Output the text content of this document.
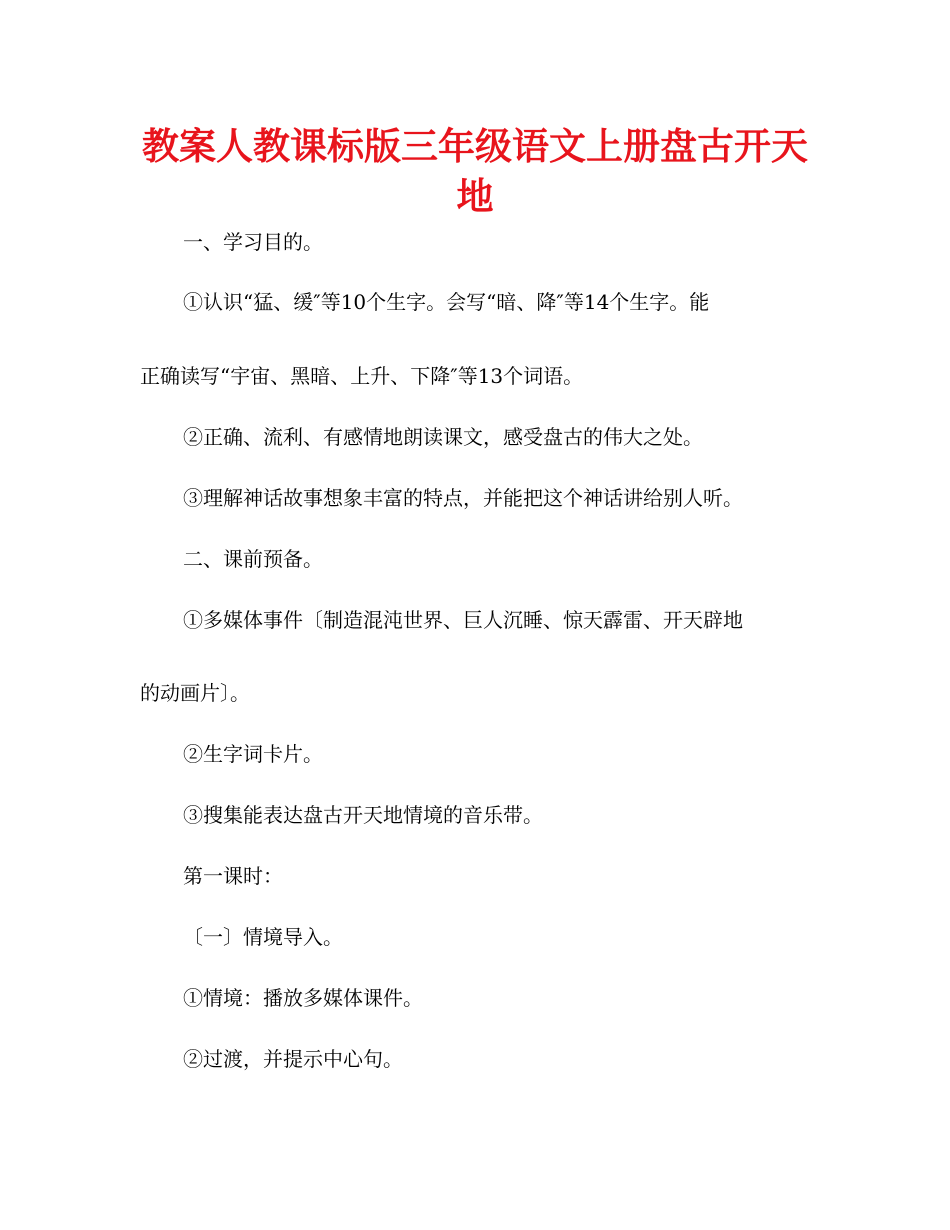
教案人教课标版三年级语文上册盘古开天地
一、学习目的。
①认识“猛、缓″等10个生字。会写“暗、降″等14个生字。能
正确读写“宇宙、黑暗、上升、下降″等13个词语。
②正确、流利、有感情地朗读课文，感受盘古的伟大之处。
③理解神话故事想象丰富的特点，并能把这个神话讲给别人听。
二、课前预备。
①多媒体事件〔制造混沌世界、巨人沉睡、惊天霹雷、开天辟地
的动画片〕。
②生字词卡片。
③搜集能表达盘古开天地情境的音乐带。
第一课时：
〔一〕情境导入。
①情境：播放多媒体课件。
②过渡，并提示中心句。
